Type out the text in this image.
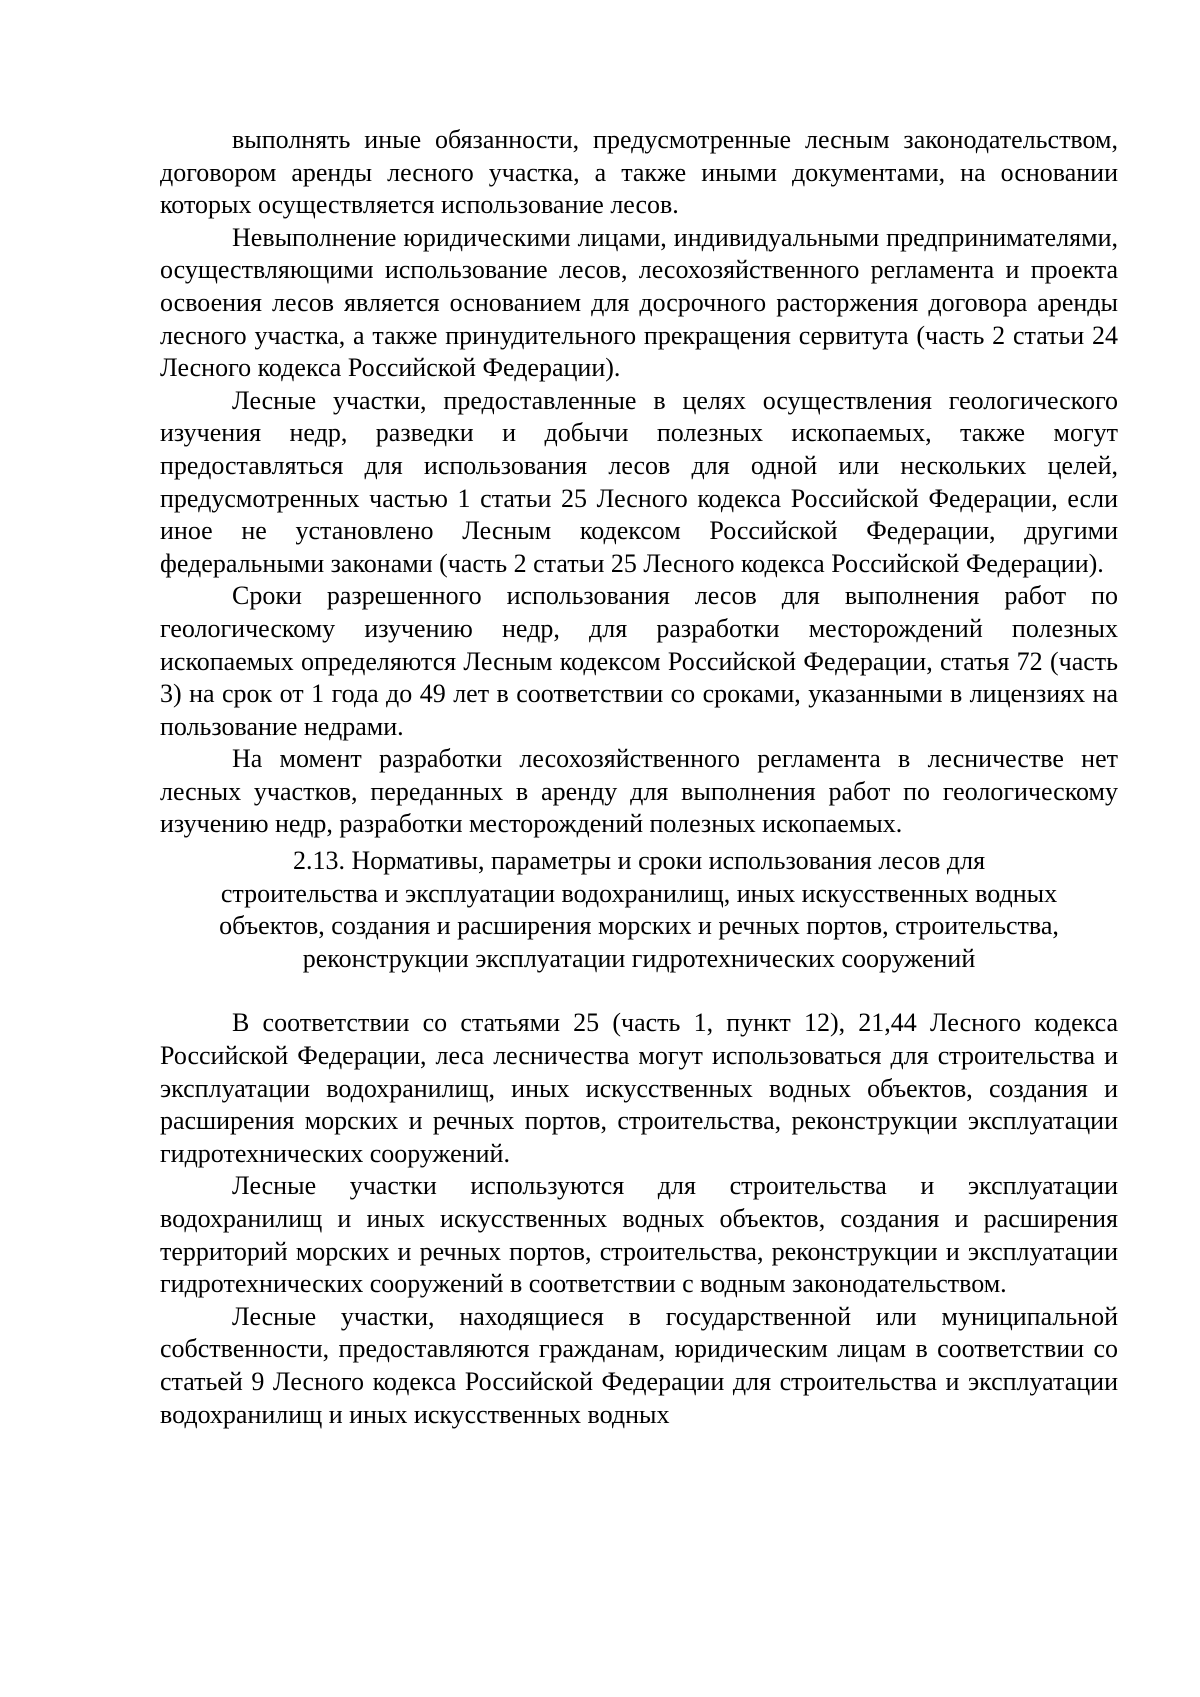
выполнять иные обязанности, предусмотренные лесным законодательством, договором аренды лесного участка, а также иными документами, на основании которых осуществляется использование лесов.

Невыполнение юридическими лицами, индивидуальными предпринимателями, осуществляющими использование лесов, лесохозяйственного регламента и проекта освоения лесов является основанием для досрочного расторжения договора аренды лесного участка, а также принудительного прекращения сервитута (часть 2 статьи 24 Лесного кодекса Российской Федерации).

Лесные участки, предоставленные в целях осуществления геологического изучения недр, разведки и добычи полезных ископаемых, также могут предоставляться для использования лесов для одной или нескольких целей, предусмотренных частью 1 статьи 25 Лесного кодекса Российской Федерации, если иное не установлено Лесным кодексом Российской Федерации, другими федеральными законами (часть 2 статьи 25 Лесного кодекса Российской Федерации).

Сроки разрешенного использования лесов для выполнения работ по геологическому изучению недр, для разработки месторождений полезных ископаемых определяются Лесным кодексом Российской Федерации, статья 72 (часть 3) на срок от 1 года до 49 лет в соответствии со сроками, указанными в лицензиях на пользование недрами.

На момент разработки лесохозяйственного регламента в лесничестве нет лесных участков, переданных в аренду для выполнения работ по геологическому изучению недр, разработки месторождений полезных ископаемых.

2.13. Нормативы, параметры и сроки использования лесов для

строительства и эксплуатации водохранилищ, иных искусственных водных

объектов, создания и расширения морских и речных портов, строительства,

реконструкции эксплуатации гидротехнических сооружений

В соответствии со статьями 25 (часть 1, пункт 12), 21,44 Лесного кодекса Российской Федерации, леса лесничества могут использоваться для строительства и эксплуатации водохранилищ, иных искусственных водных объектов, создания и расширения морских и речных портов, строительства, реконструкции эксплуатации гидротехнических сооружений.

Лесные участки используются для строительства и эксплуатации водохранилищ и иных искусственных водных объектов, создания и расширения территорий морских и речных портов, строительства, реконструкции и эксплуатации гидротехнических сооружений в соответствии с водным законодательством.

Лесные участки, находящиеся в государственной или муниципальной собственности, предоставляются гражданам, юридическим лицам в соответствии со статьей 9 Лесного кодекса Российской Федерации для строительства и эксплуатации водохранилищ и иных искусственных водных
